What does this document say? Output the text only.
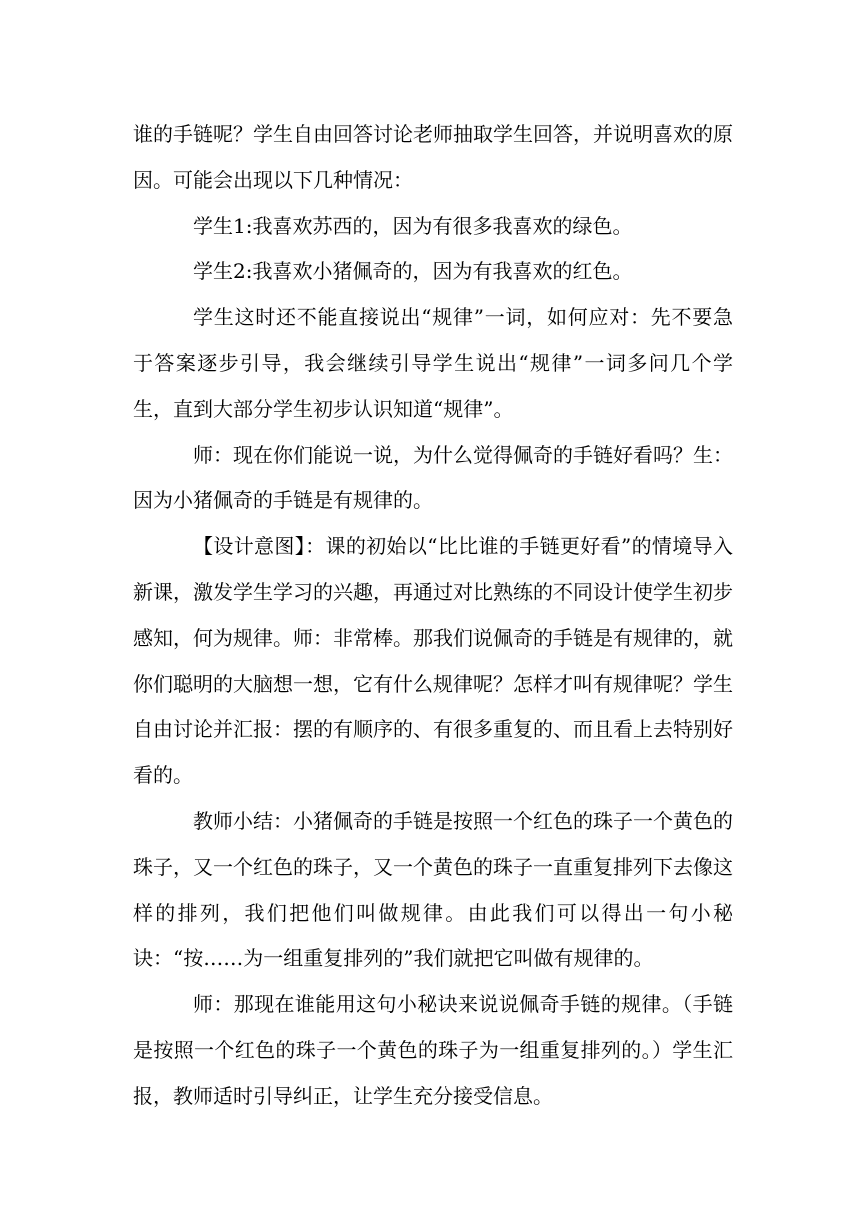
谁的手链呢？学生自由回答讨论老师抽取学生回答，并说明喜欢的原因。可能会出现以下几种情况：

学生1:我喜欢苏西的，因为有很多我喜欢的绿色。

学生2:我喜欢小猪佩奇的，因为有我喜欢的红色。

学生这时还不能直接说出“规律”一词，如何应对：先不要急于答案逐步引导，我会继续引导学生说出“规律”一词多问几个学生，直到大部分学生初步认识知道“规律”。

师：现在你们能说一说，为什么觉得佩奇的手链好看吗？生：因为小猪佩奇的手链是有规律的。

【设计意图】：课的初始以“比比谁的手链更好看”的情境导入新课，激发学生学习的兴趣，再通过对比熟练的不同设计使学生初步感知，何为规律。师：非常棒。那我们说佩奇的手链是有规律的，就你们聪明的大脑想一想，它有什么规律呢？怎样才叫有规律呢？学生自由讨论并汇报：摆的有顺序的、有很多重复的、而且看上去特别好看的。

教师小结：小猪佩奇的手链是按照一个红色的珠子一个黄色的珠子，又一个红色的珠子，又一个黄色的珠子一直重复排列下去像这样的排列，我们把他们叫做规律。由此我们可以得出一句小秘诀：“按……为一组重复排列的”我们就把它叫做有规律的。

师：那现在谁能用这句小秘诀来说说佩奇手链的规律。（手链是按照一个红色的珠子一个黄色的珠子为一组重复排列的。）学生汇报，教师适时引导纠正，让学生充分接受信息。
